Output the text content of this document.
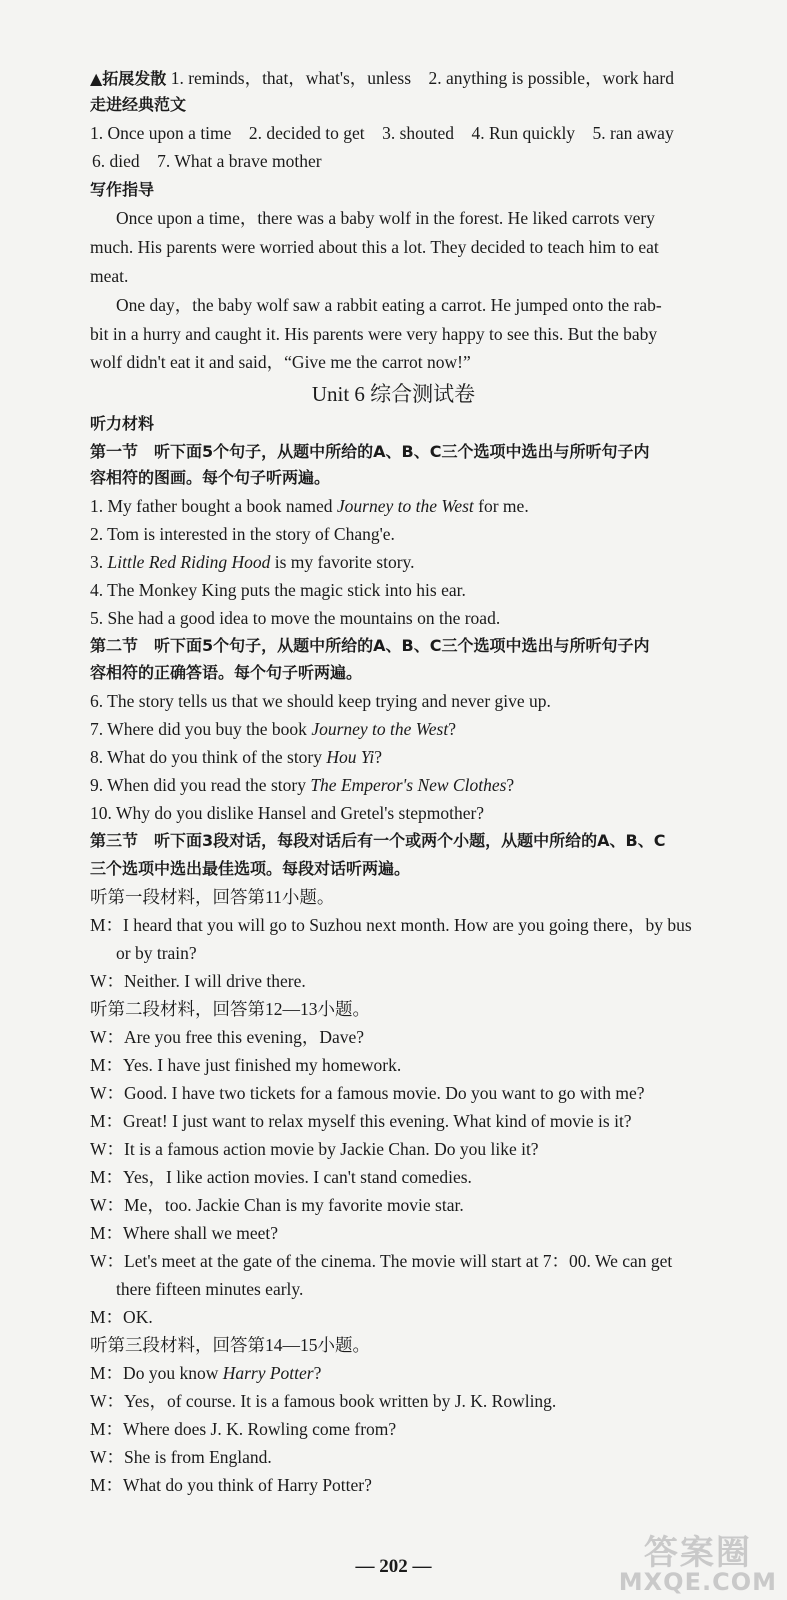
▲拓展发散 1. reminds，that，what's，unless　2. anything is possible，work hard
走进经典范文
1. Once upon a time　2. decided to get　3. shouted　4. Run quickly　5. ran away
6. died　7. What a brave mother
写作指导
Once upon a time，there was a baby wolf in the forest. He liked carrots very
much. His parents were worried about this a lot. They decided to teach him to eat
meat.
One day，the baby wolf saw a rabbit eating a carrot. He jumped onto the rab-
bit in a hurry and caught it. His parents were very happy to see this. But the baby
wolf didn't eat it and said，“Give me the carrot now!”
Unit 6 综合测试卷
听力材料
第一节　听下面5个句子，从题中所给的A、B、C三个选项中选出与所听句子内
容相符的图画。每个句子听两遍。
1. My father bought a book named Journey to the West for me.
2. Tom is interested in the story of Chang'e.
3. Little Red Riding Hood is my favorite story.
4. The Monkey King puts the magic stick into his ear.
5. She had a good idea to move the mountains on the road.
第二节　听下面5个句子，从题中所给的A、B、C三个选项中选出与所听句子内
容相符的正确答语。每个句子听两遍。
6. The story tells us that we should keep trying and never give up.
7. Where did you buy the book Journey to the West?
8. What do you think of the story Hou Yi?
9. When did you read the story The Emperor's New Clothes?
10. Why do you dislike Hansel and Gretel's stepmother?
第三节　听下面3段对话，每段对话后有一个或两个小题，从题中所给的A、B、C
三个选项中选出最佳选项。每段对话听两遍。
听第一段材料，回答第11小题。
M：I heard that you will go to Suzhou next month. How are you going there，by bus
or by train?
W：Neither. I will drive there.
听第二段材料，回答第12—13小题。
W：Are you free this evening，Dave?
M：Yes. I have just finished my homework.
W：Good. I have two tickets for a famous movie. Do you want to go with me?
M：Great! I just want to relax myself this evening. What kind of movie is it?
W：It is a famous action movie by Jackie Chan. Do you like it?
M：Yes，I like action movies. I can't stand comedies.
W：Me，too. Jackie Chan is my favorite movie star.
M：Where shall we meet?
W：Let's meet at the gate of the cinema. The movie will start at 7：00. We can get
there fifteen minutes early.
M：OK.
听第三段材料，回答第14—15小题。
M：Do you know Harry Potter?
W：Yes，of course. It is a famous book written by J. K. Rowling.
M：Where does J. K. Rowling come from?
W：She is from England.
M：What do you think of Harry Potter?
— 202 —	答案圈
MXQE.COM
